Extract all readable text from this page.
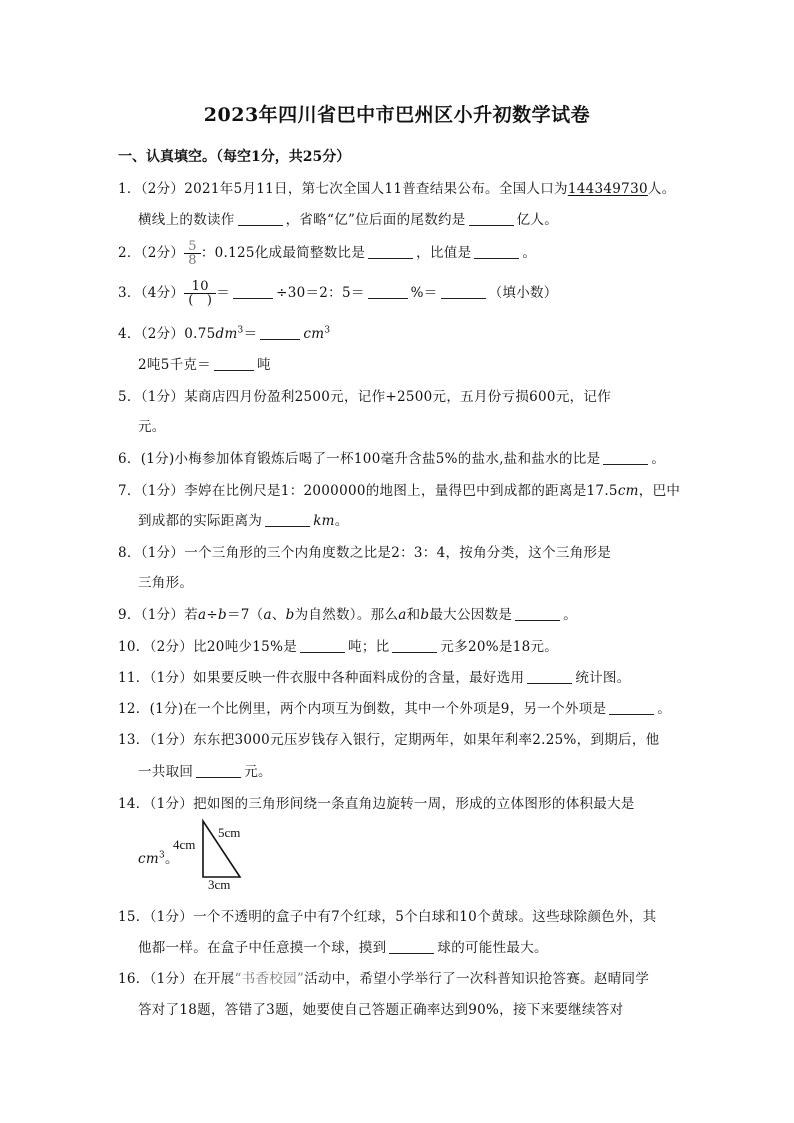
2023年四川省巴中市巴州区小升初数学试卷
一、认真填空。（每空1分，共25分）
1．（2分）2021年5月11日，第七次全国人11普查结果公布。全国人口为144349730人。
横线上的数读作	，省略“亿”位后面的尾数约是	亿人。
2．（2分） $\frac{5}{8}$ ：0.125化成最简整数比是	，比值是	。
3．（4分） $\frac{10}{( )}$ ＝	÷30＝2：5＝	%＝	（填小数）
4．（2分）$0.75dm^3=$	$cm^3$
2吨5千克＝	吨
5．（1分）某商店四月份盈利2500元，记作+2500元，五月份亏损600元，记作
元。
6．(1分)小梅参加体育锻炼后喝了一杯100毫升含盐5%的盐水,盐和盐水的比是	。
7．（1分）李婷在比例尺是1：2000000的地图上，量得巴中到成都的距离是17.5cm，巴中
到成都的实际距离为	km。
8．（1分）一个三角形的三个内角度数之比是2：3：4，按角分类，这个三角形是
三角形。
9．（1分）若a÷b＝7（a、b为自然数）。那么a和b最大公因数是	。
10．（2分）比20吨少15%是	吨；比	元多20%是18元。
11．（1分）如果要反映一件衣服中各种面料成份的含量，最好选用	统计图。
12．(1分)在一个比例里，两个内项互为倒数，其中一个外项是9，另一个外项是	。
13．（1分）东东把3000元压岁钱存入银行，定期两年，如果年利率2.25%，到期后，他
一共取回	元。
14．（1分）把如图的三角形间绕一条直角边旋转一周，形成的立体图形的体积最大是
$cm^3$。
4cm
5cm
3cm
15．（1分）一个不透明的盒子中有7个红球，5个白球和10个黄球。这些球除颜色外，其
他都一样。在盒子中任意摸一个球，摸到	球的可能性最大。
16．（1分）在开展“书香校园”活动中，希望小学举行了一次科普知识抢答赛。赵晴同学
答对了18题，答错了3题，她要使自己答题正确率达到90%，接下来要继续答对
